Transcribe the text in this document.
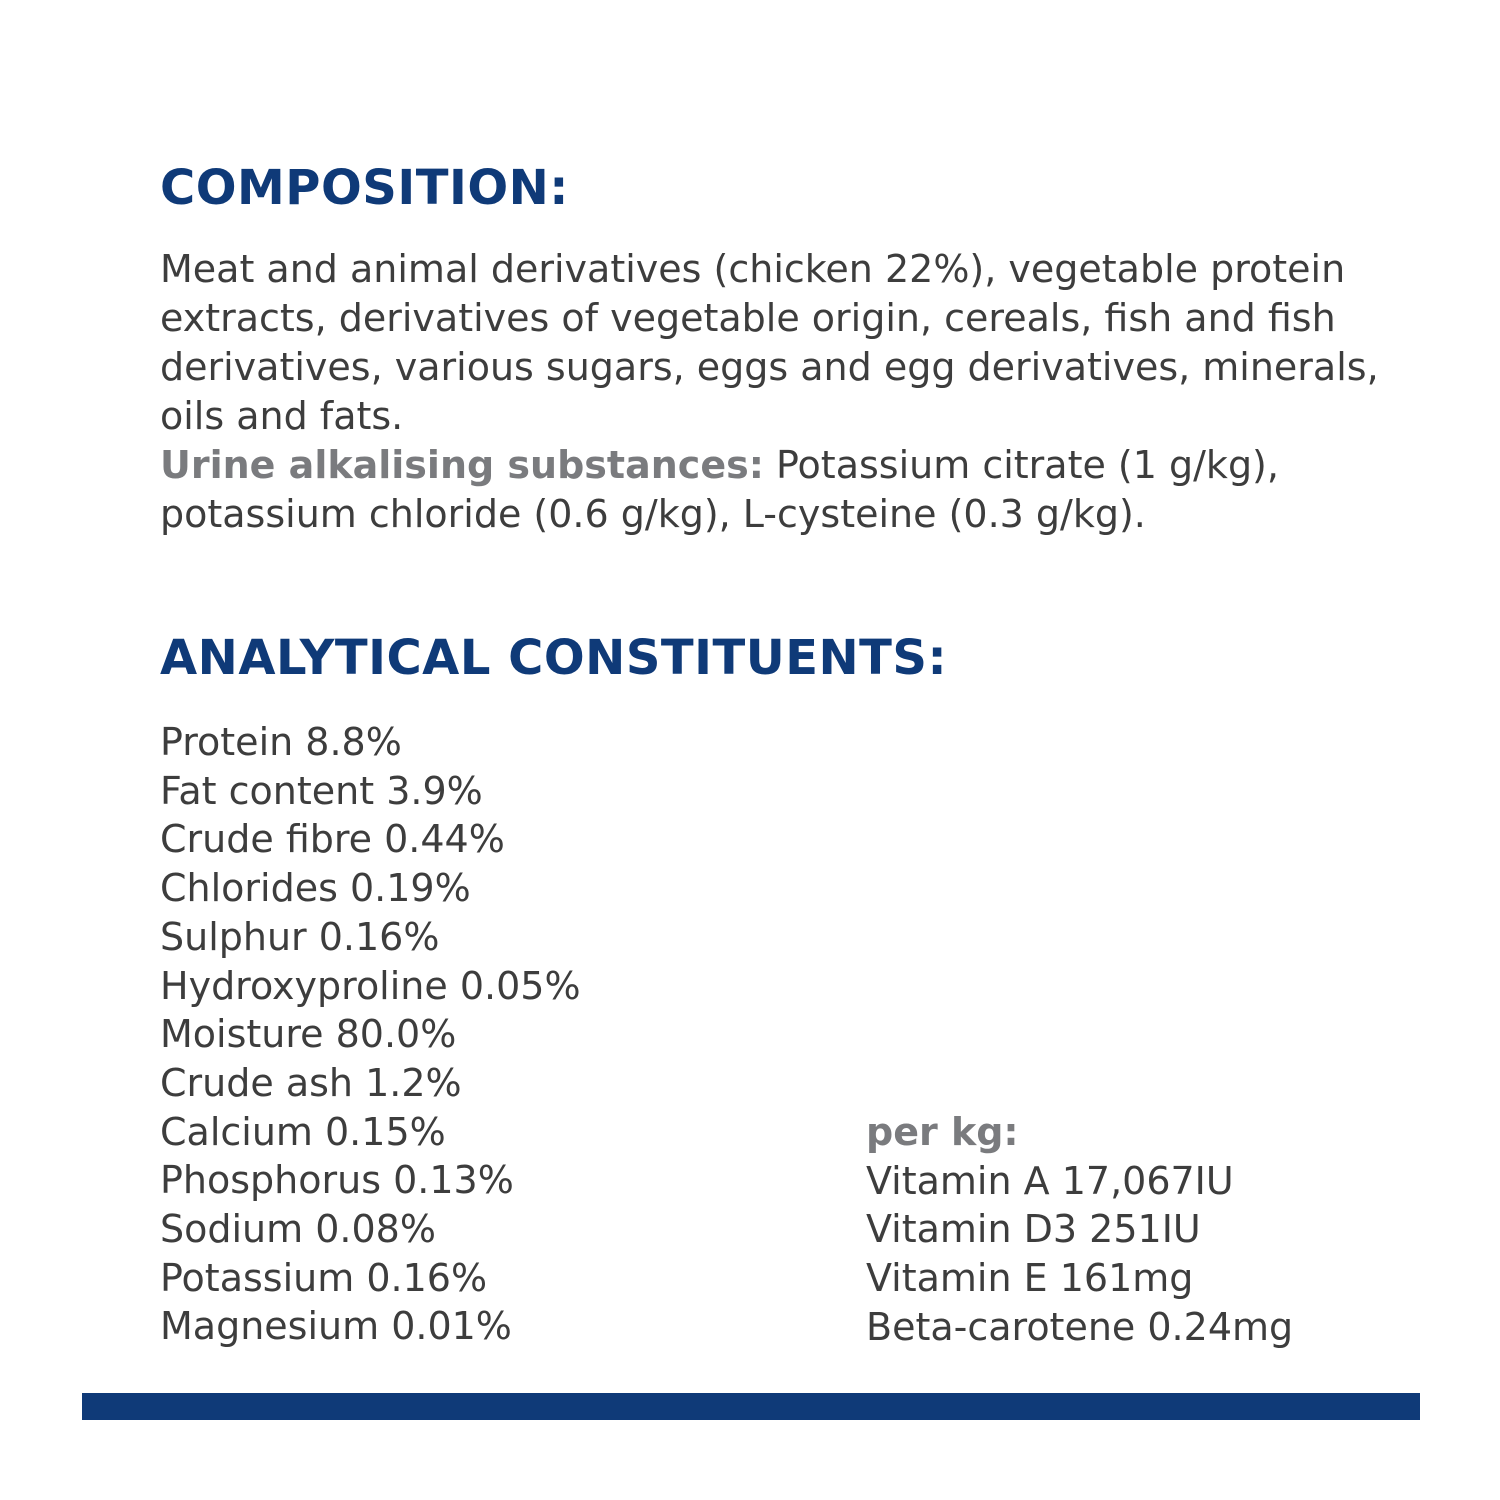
COMPOSITION:

Meat and animal derivatives (chicken 22%), vegetable protein extracts, derivatives of vegetable origin, cereals, fish and fish derivatives, various sugars, eggs and egg derivatives, minerals, oils and fats.

Urine alkalising substances: Potassium citrate (1 g/kg), potassium chloride (0.6 g/kg), L-cysteine (0.3 g/kg).

ANALYTICAL CONSTITUENTS:
Protein 8.8%
Fat content 3.9%
Crude fibre 0.44%
Chlorides 0.19%
Sulphur 0.16%
Hydroxyproline 0.05%
Moisture 80.0%
Crude ash 1.2%
Calcium 0.15%
Phosphorus 0.13%
Sodium 0.08%
Potassium 0.16%
Magnesium 0.01%
per kg:
Vitamin A 17,067IU
Vitamin D3 251IU
Vitamin E 161mg
Beta-carotene 0.24mg
